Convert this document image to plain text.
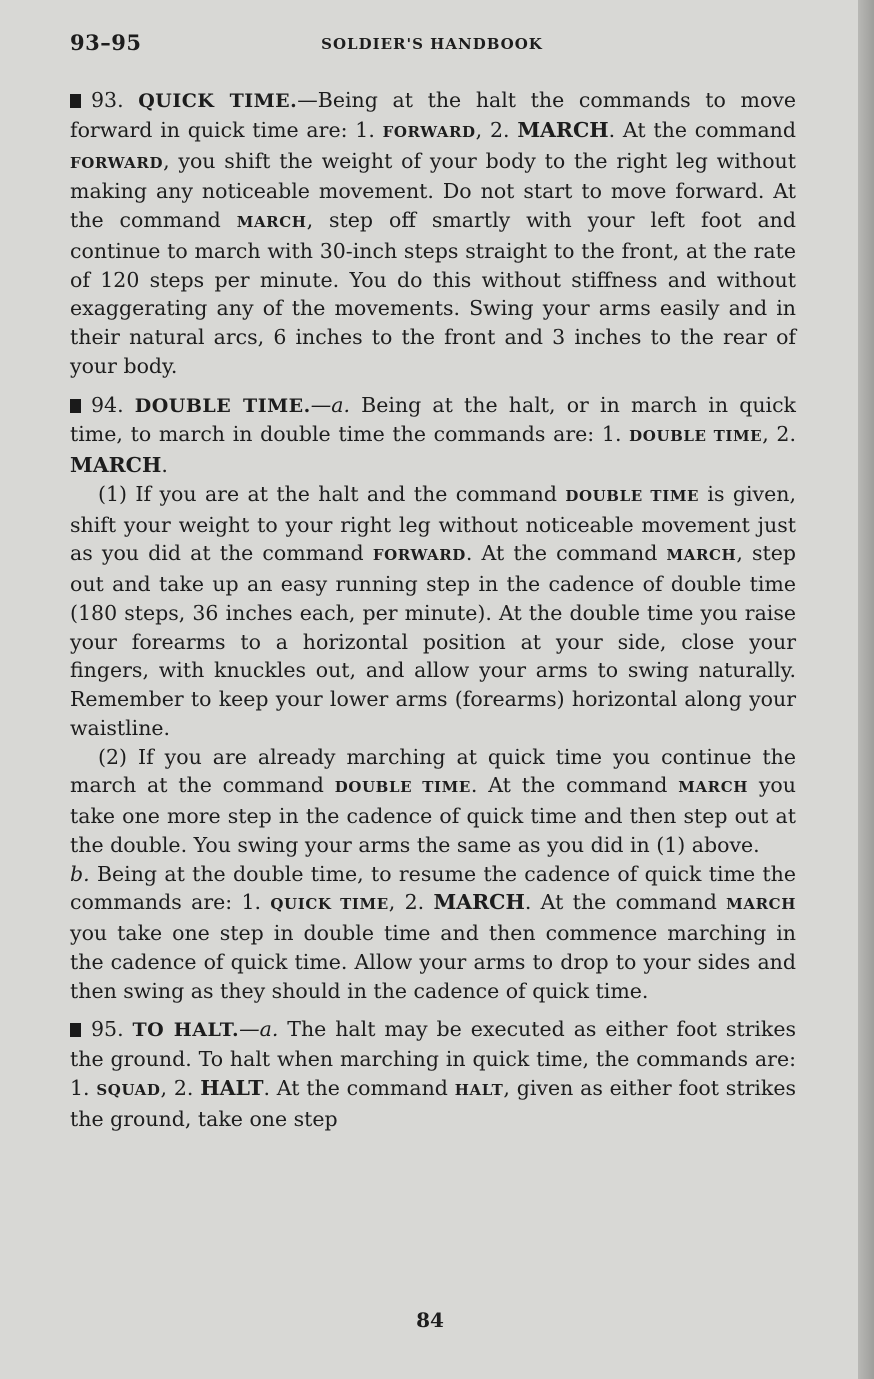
93–95	SOLDIER'S HANDBOOK

93. QUICK TIME.—Being at the halt the commands to move forward in quick time are: 1. FORWARD, 2. MARCH. At the command FORWARD, you shift the weight of your body to the right leg without making any noticeable movement. Do not start to move forward. At the command MARCH, step off smartly with your left foot and continue to march with 30-inch steps straight to the front, at the rate of 120 steps per minute. You do this without stiffness and without exaggerating any of the movements. Swing your arms easily and in their natural arcs, 6 inches to the front and 3 inches to the rear of your body.

94. DOUBLE TIME.—a. Being at the halt, or in march in quick time, to march in double time the commands are: 1. DOUBLE TIME, 2. MARCH.

(1) If you are at the halt and the command DOUBLE TIME is given, shift your weight to your right leg without noticeable movement just as you did at the command FORWARD. At the command MARCH, step out and take up an easy running step in the cadence of double time (180 steps, 36 inches each, per minute). At the double time you raise your forearms to a horizontal position at your side, close your fingers, with knuckles out, and allow your arms to swing naturally. Remember to keep your lower arms (forearms) horizontal along your waistline.

(2) If you are already marching at quick time you continue the march at the command DOUBLE TIME. At the command MARCH you take one more step in the cadence of quick time and then step out at the double. You swing your arms the same as you did in (1) above.

b. Being at the double time, to resume the cadence of quick time the commands are: 1. QUICK TIME, 2. MARCH. At the command MARCH you take one step in double time and then commence marching in the cadence of quick time. Allow your arms to drop to your sides and then swing as they should in the cadence of quick time.

95. TO HALT.—a. The halt may be executed as either foot strikes the ground. To halt when marching in quick time, the commands are: 1. SQUAD, 2. HALT. At the command HALT, given as either foot strikes the ground, take one step

84
